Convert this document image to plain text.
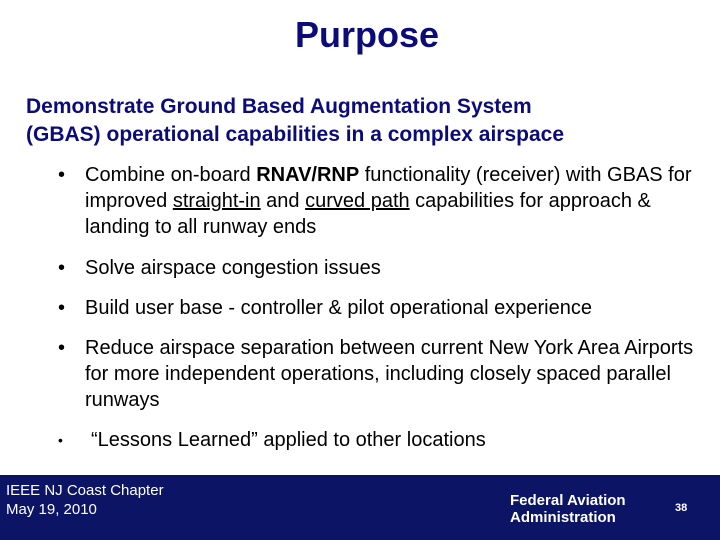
Purpose
Demonstrate Ground Based Augmentation System
(GBAS) operational capabilities in a complex airspace
• Combine on-board RNAV/RNP functionality (receiver) with GBAS for improved straight-in and curved path capabilities for approach & landing to all runway ends
• Solve airspace congestion issues
• Build user base - controller & pilot operational experience
• Reduce airspace separation between current New York Area Airports for more independent operations, including closely spaced parallel runways
•	“Lessons Learned” applied to other locations
IEEE NJ Coast Chapter
May 19, 2010
Federal Aviation
Administration
38
